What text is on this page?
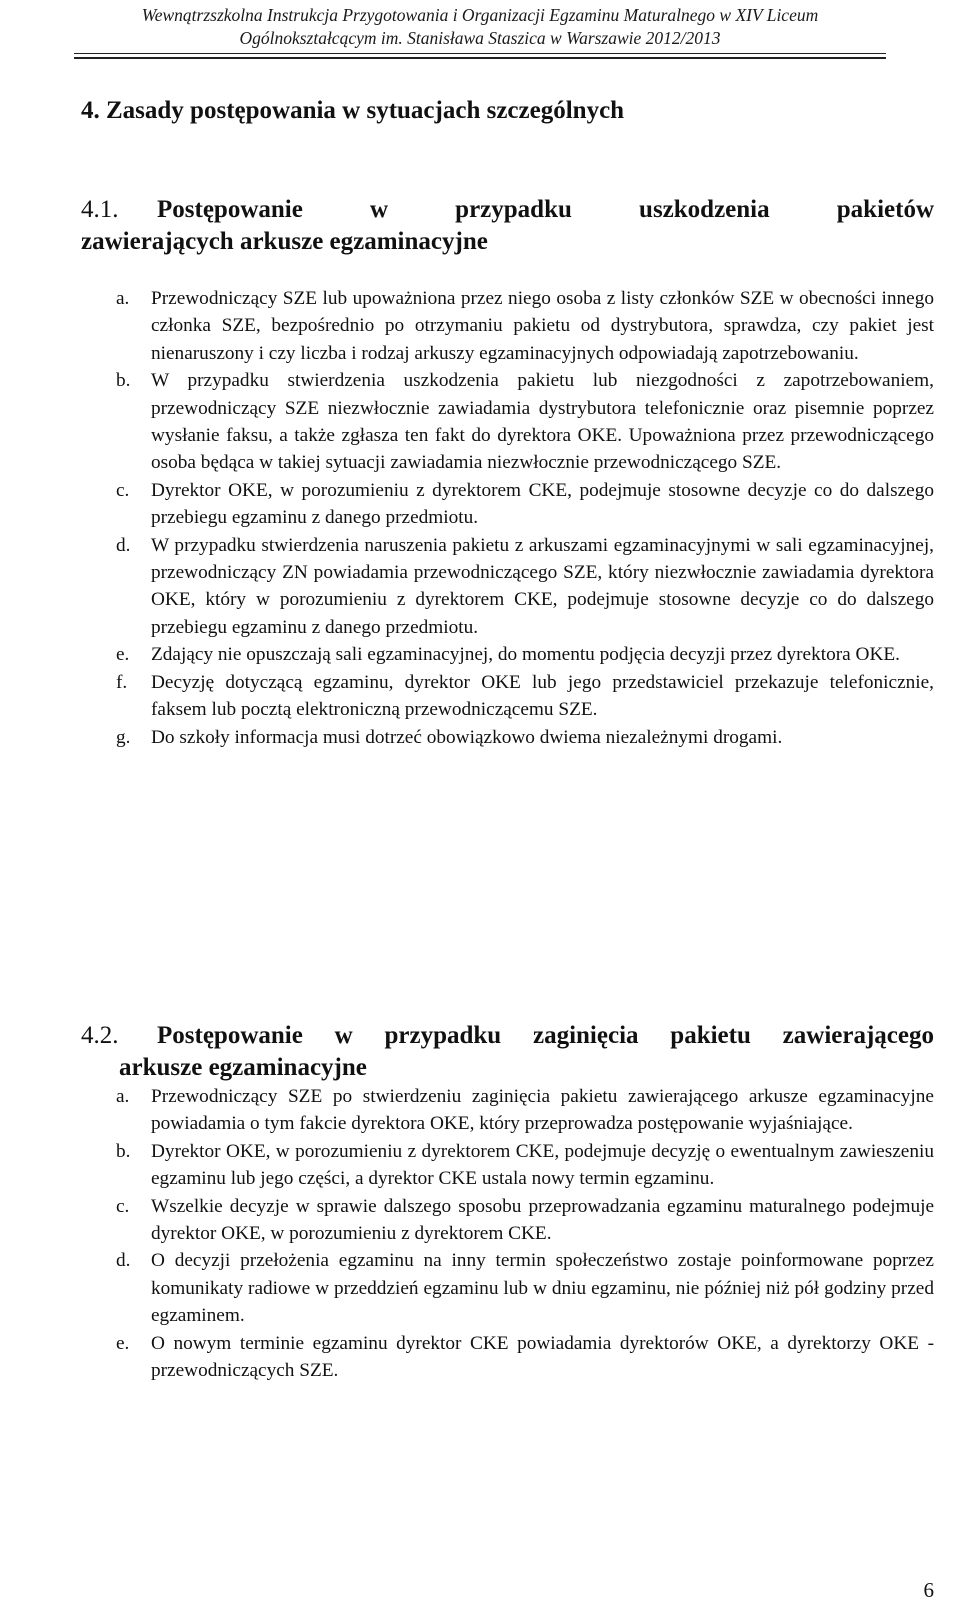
Wewnątrzszkolna Instrukcja Przygotowania i Organizacji Egzaminu Maturalnego w XIV Liceum
Ogólnokształcącym im. Stanisława Staszica w Warszawie 2012/2013
4. Zasady postępowania w sytuacjach szczególnych
4.1. Postępowanie w przypadku uszkodzenia pakietów
zawierających arkusze egzaminacyjne
a. Przewodniczący SZE lub upoważniona przez niego osoba z listy członków SZE w obecności innego członka SZE, bezpośrednio po otrzymaniu pakietu od dystrybutora, sprawdza, czy pakiet jest nienaruszony i czy liczba i rodzaj arkuszy egzaminacyjnych odpowiadają zapotrzebowaniu.
b. W przypadku stwierdzenia uszkodzenia pakietu lub niezgodności z zapotrzebowaniem, przewodniczący SZE niezwłocznie zawiadamia dystrybutora telefonicznie oraz pisemnie poprzez wysłanie faksu, a także zgłasza ten fakt do dyrektora OKE. Upoważniona przez przewodniczącego osoba będąca w takiej sytuacji zawiadamia niezwłocznie przewodniczącego SZE.
c. Dyrektor OKE, w porozumieniu z dyrektorem CKE, podejmuje stosowne decyzje co do dalszego przebiegu egzaminu z danego przedmiotu.
d. W przypadku stwierdzenia naruszenia pakietu z arkuszami egzaminacyjnymi w sali egzaminacyjnej, przewodniczący ZN powiadamia przewodniczącego SZE, który niezwłocznie zawiadamia dyrektora OKE, który w porozumieniu z dyrektorem CKE, podejmuje stosowne decyzje co do dalszego przebiegu egzaminu z danego przedmiotu.
e. Zdający nie opuszczają sali egzaminacyjnej, do momentu podjęcia decyzji przez dyrektora OKE.
f. Decyzję dotyczącą egzaminu, dyrektor OKE lub jego przedstawiciel przekazuje telefonicznie, faksem lub pocztą elektroniczną przewodniczącemu SZE.
g. Do szkoły informacja musi dotrzeć obowiązkowo dwiema niezależnymi drogami.
4.2. Postępowanie w przypadku zaginięcia pakietu zawierającego
arkusze egzaminacyjne
a. Przewodniczący SZE po stwierdzeniu zaginięcia pakietu zawierającego arkusze egzaminacyjne powiadamia o tym fakcie dyrektora OKE, który przeprowadza postępowanie wyjaśniające.
b. Dyrektor OKE, w porozumieniu z dyrektorem CKE, podejmuje decyzję o ewentualnym zawieszeniu egzaminu lub jego części, a dyrektor CKE ustala nowy termin egzaminu.
c. Wszelkie decyzje w sprawie dalszego sposobu przeprowadzania egzaminu maturalnego podejmuje dyrektor OKE, w porozumieniu z dyrektorem CKE.
d. O decyzji przełożenia egzaminu na inny termin społeczeństwo zostaje poinformowane poprzez komunikaty radiowe w przeddzień egzaminu lub w dniu egzaminu, nie później niż pół godziny przed egzaminem.
e. O nowym terminie egzaminu dyrektor CKE powiadamia dyrektorów OKE, a dyrektorzy OKE - przewodniczących SZE.
6
